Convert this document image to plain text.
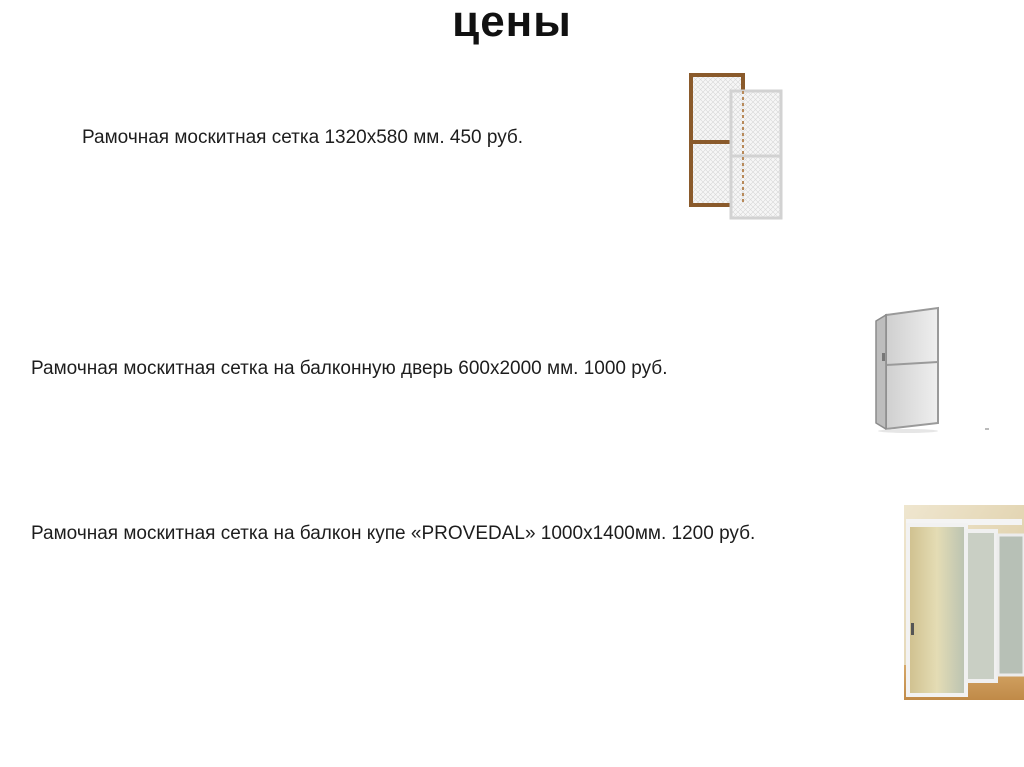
цены
Рамочная москитная сетка 1320х580 мм. 450 руб.
Рамочная москитная сетка на балконную дверь 600х2000 мм. 1000 руб.
Рамочная москитная сетка на балкон купе «PROVEDAL» 1000х1400мм. 1200 руб.
